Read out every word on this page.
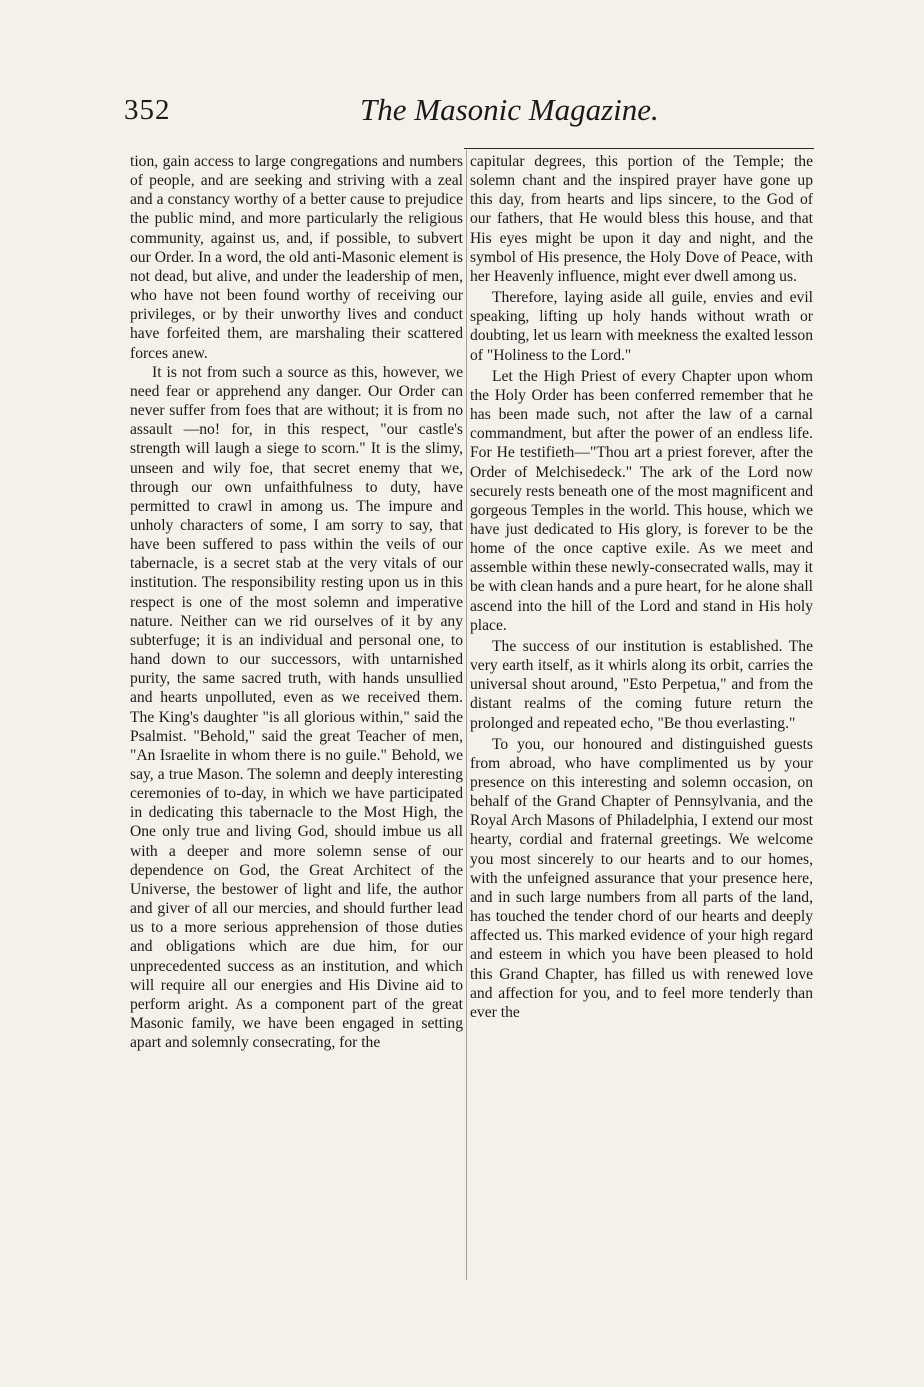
352	The Masonic Magazine.

tion, gain access to large congregations and numbers of people, and are seeking and striving with a zeal and a constancy worthy of a better cause to prejudice the public mind, and more particularly the religious community, against us, and, if possible, to subvert our Order. In a word, the old anti-Masonic element is not dead, but alive, and under the leadership of men, who have not been found worthy of receiving our privileges, or by their unworthy lives and conduct have forfeited them, are marshaling their scattered forces anew.

It is not from such a source as this, however, we need fear or apprehend any danger. Our Order can never suffer from foes that are without; it is from no assault —no! for, in this respect, "our castle's strength will laugh a siege to scorn." It is the slimy, unseen and wily foe, that secret enemy that we, through our own unfaithfulness to duty, have permitted to crawl in among us. The impure and unholy characters of some, I am sorry to say, that have been suffered to pass within the veils of our tabernacle, is a secret stab at the very vitals of our institution. The responsibility resting upon us in this respect is one of the most solemn and imperative nature. Neither can we rid ourselves of it by any subterfuge; it is an individual and personal one, to hand down to our successors, with untarnished purity, the same sacred truth, with hands unsullied and hearts unpolluted, even as we received them. The King's daughter "is all glorious within," said the Psalmist. "Behold," said the great Teacher of men, "An Israelite in whom there is no guile." Behold, we say, a true Mason. The solemn and deeply interesting ceremonies of to-day, in which we have participated in dedicating this tabernacle to the Most High, the One only true and living God, should imbue us all with a deeper and more solemn sense of our dependence on God, the Great Architect of the Universe, the bestower of light and life, the author and giver of all our mercies, and should further lead us to a more serious apprehension of those duties and obligations which are due him, for our unprecedented success as an institution, and which will require all our energies and His Divine aid to perform aright. As a component part of the great Masonic family, we have been engaged in setting apart and solemnly consecrating, for the

capitular degrees, this portion of the Temple; the solemn chant and the inspired prayer have gone up this day, from hearts and lips sincere, to the God of our fathers, that He would bless this house, and that His eyes might be upon it day and night, and the symbol of His presence, the Holy Dove of Peace, with her Heavenly influence, might ever dwell among us.

Therefore, laying aside all guile, envies and evil speaking, lifting up holy hands without wrath or doubting, let us learn with meekness the exalted lesson of "Holiness to the Lord."

Let the High Priest of every Chapter upon whom the Holy Order has been conferred remember that he has been made such, not after the law of a carnal commandment, but after the power of an endless life. For He testifieth—"Thou art a priest forever, after the Order of Melchisedeck." The ark of the Lord now securely rests beneath one of the most magnificent and gorgeous Temples in the world. This house, which we have just dedicated to His glory, is forever to be the home of the once captive exile. As we meet and assemble within these newly-consecrated walls, may it be with clean hands and a pure heart, for he alone shall ascend into the hill of the Lord and stand in His holy place.

The success of our institution is established. The very earth itself, as it whirls along its orbit, carries the universal shout around, "Esto Perpetua," and from the distant realms of the coming future return the prolonged and repeated echo, "Be thou everlasting."

To you, our honoured and distinguished guests from abroad, who have complimented us by your presence on this interesting and solemn occasion, on behalf of the Grand Chapter of Pennsylvania, and the Royal Arch Masons of Philadelphia, I extend our most hearty, cordial and fraternal greetings. We welcome you most sincerely to our hearts and to our homes, with the unfeigned assurance that your presence here, and in such large numbers from all parts of the land, has touched the tender chord of our hearts and deeply affected us. This marked evidence of your high regard and esteem in which you have been pleased to hold this Grand Chapter, has filled us with renewed love and affection for you, and to feel more tenderly than ever the
